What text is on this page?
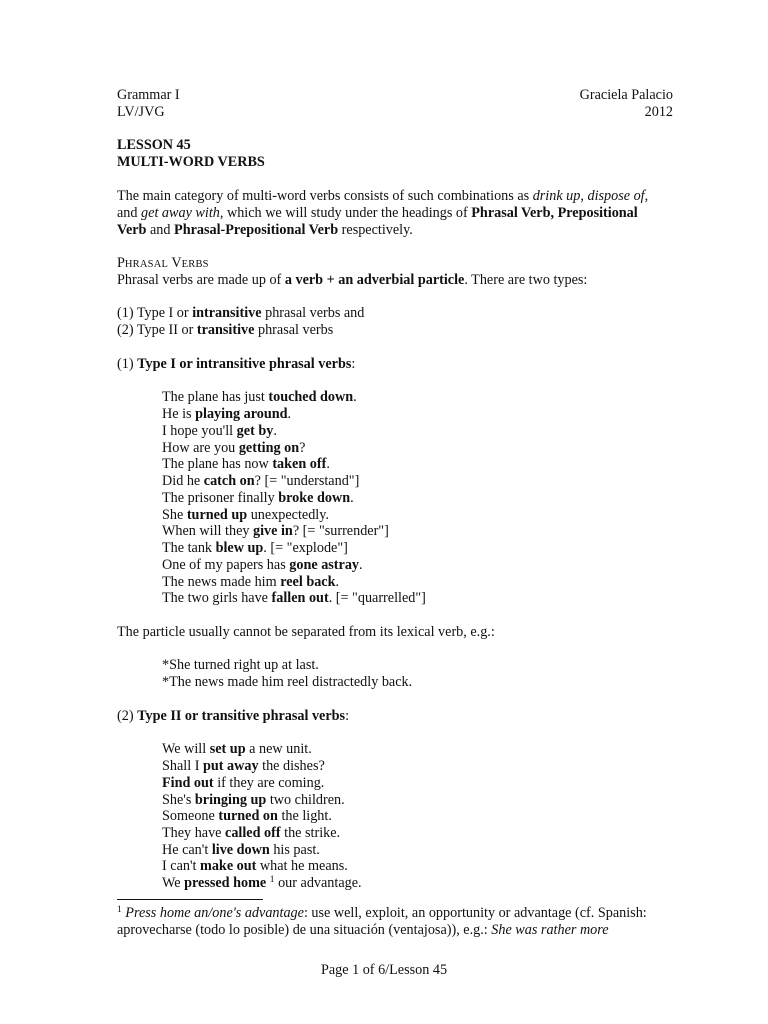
Grammar I
LV/JVG
Graciela Palacio
2012
LESSON 45
MULTI-WORD VERBS
The main category of multi-word verbs consists of such combinations as drink up, dispose of,
and get away with, which we will study under the headings of Phrasal Verb, Prepositional
Verb and Phrasal-Prepositional Verb respectively.
PHRASAL VERBS
Phrasal verbs are made up of a verb + an adverbial particle. There are two types:
(1) Type I or intransitive phrasal verbs and
(2) Type II or transitive phrasal verbs
(1) Type I or intransitive phrasal verbs:
The plane has just touched down.
He is playing around.
I hope you'll get by.
How are you getting on?
The plane has now taken off.
Did he catch on? [= "understand"]
The prisoner finally broke down.
She turned up unexpectedly.
When will they give in? [= "surrender"]
The tank blew up. [= "explode"]
One of my papers has gone astray.
The news made him reel back.
The two girls have fallen out. [= "quarrelled"]
The particle usually cannot be separated from its lexical verb, e.g.:
*She turned right up at last.
*The news made him reel distractedly back.
(2) Type II or transitive phrasal verbs:
We will set up a new unit.
Shall I put away the dishes?
Find out if they are coming.
She's bringing up two children.
Someone turned on the light.
They have called off the strike.
He can't live down his past.
I can't make out what he means.
We pressed home $^1$ our advantage.
$^1$ Press home an/one's advantage: use well, exploit, an opportunity or advantage (cf. Spanish:
aprovecharse (todo lo posible) de una situación (ventajosa)), e.g.: She was rather more
Page 1 of 6/Lesson 45
